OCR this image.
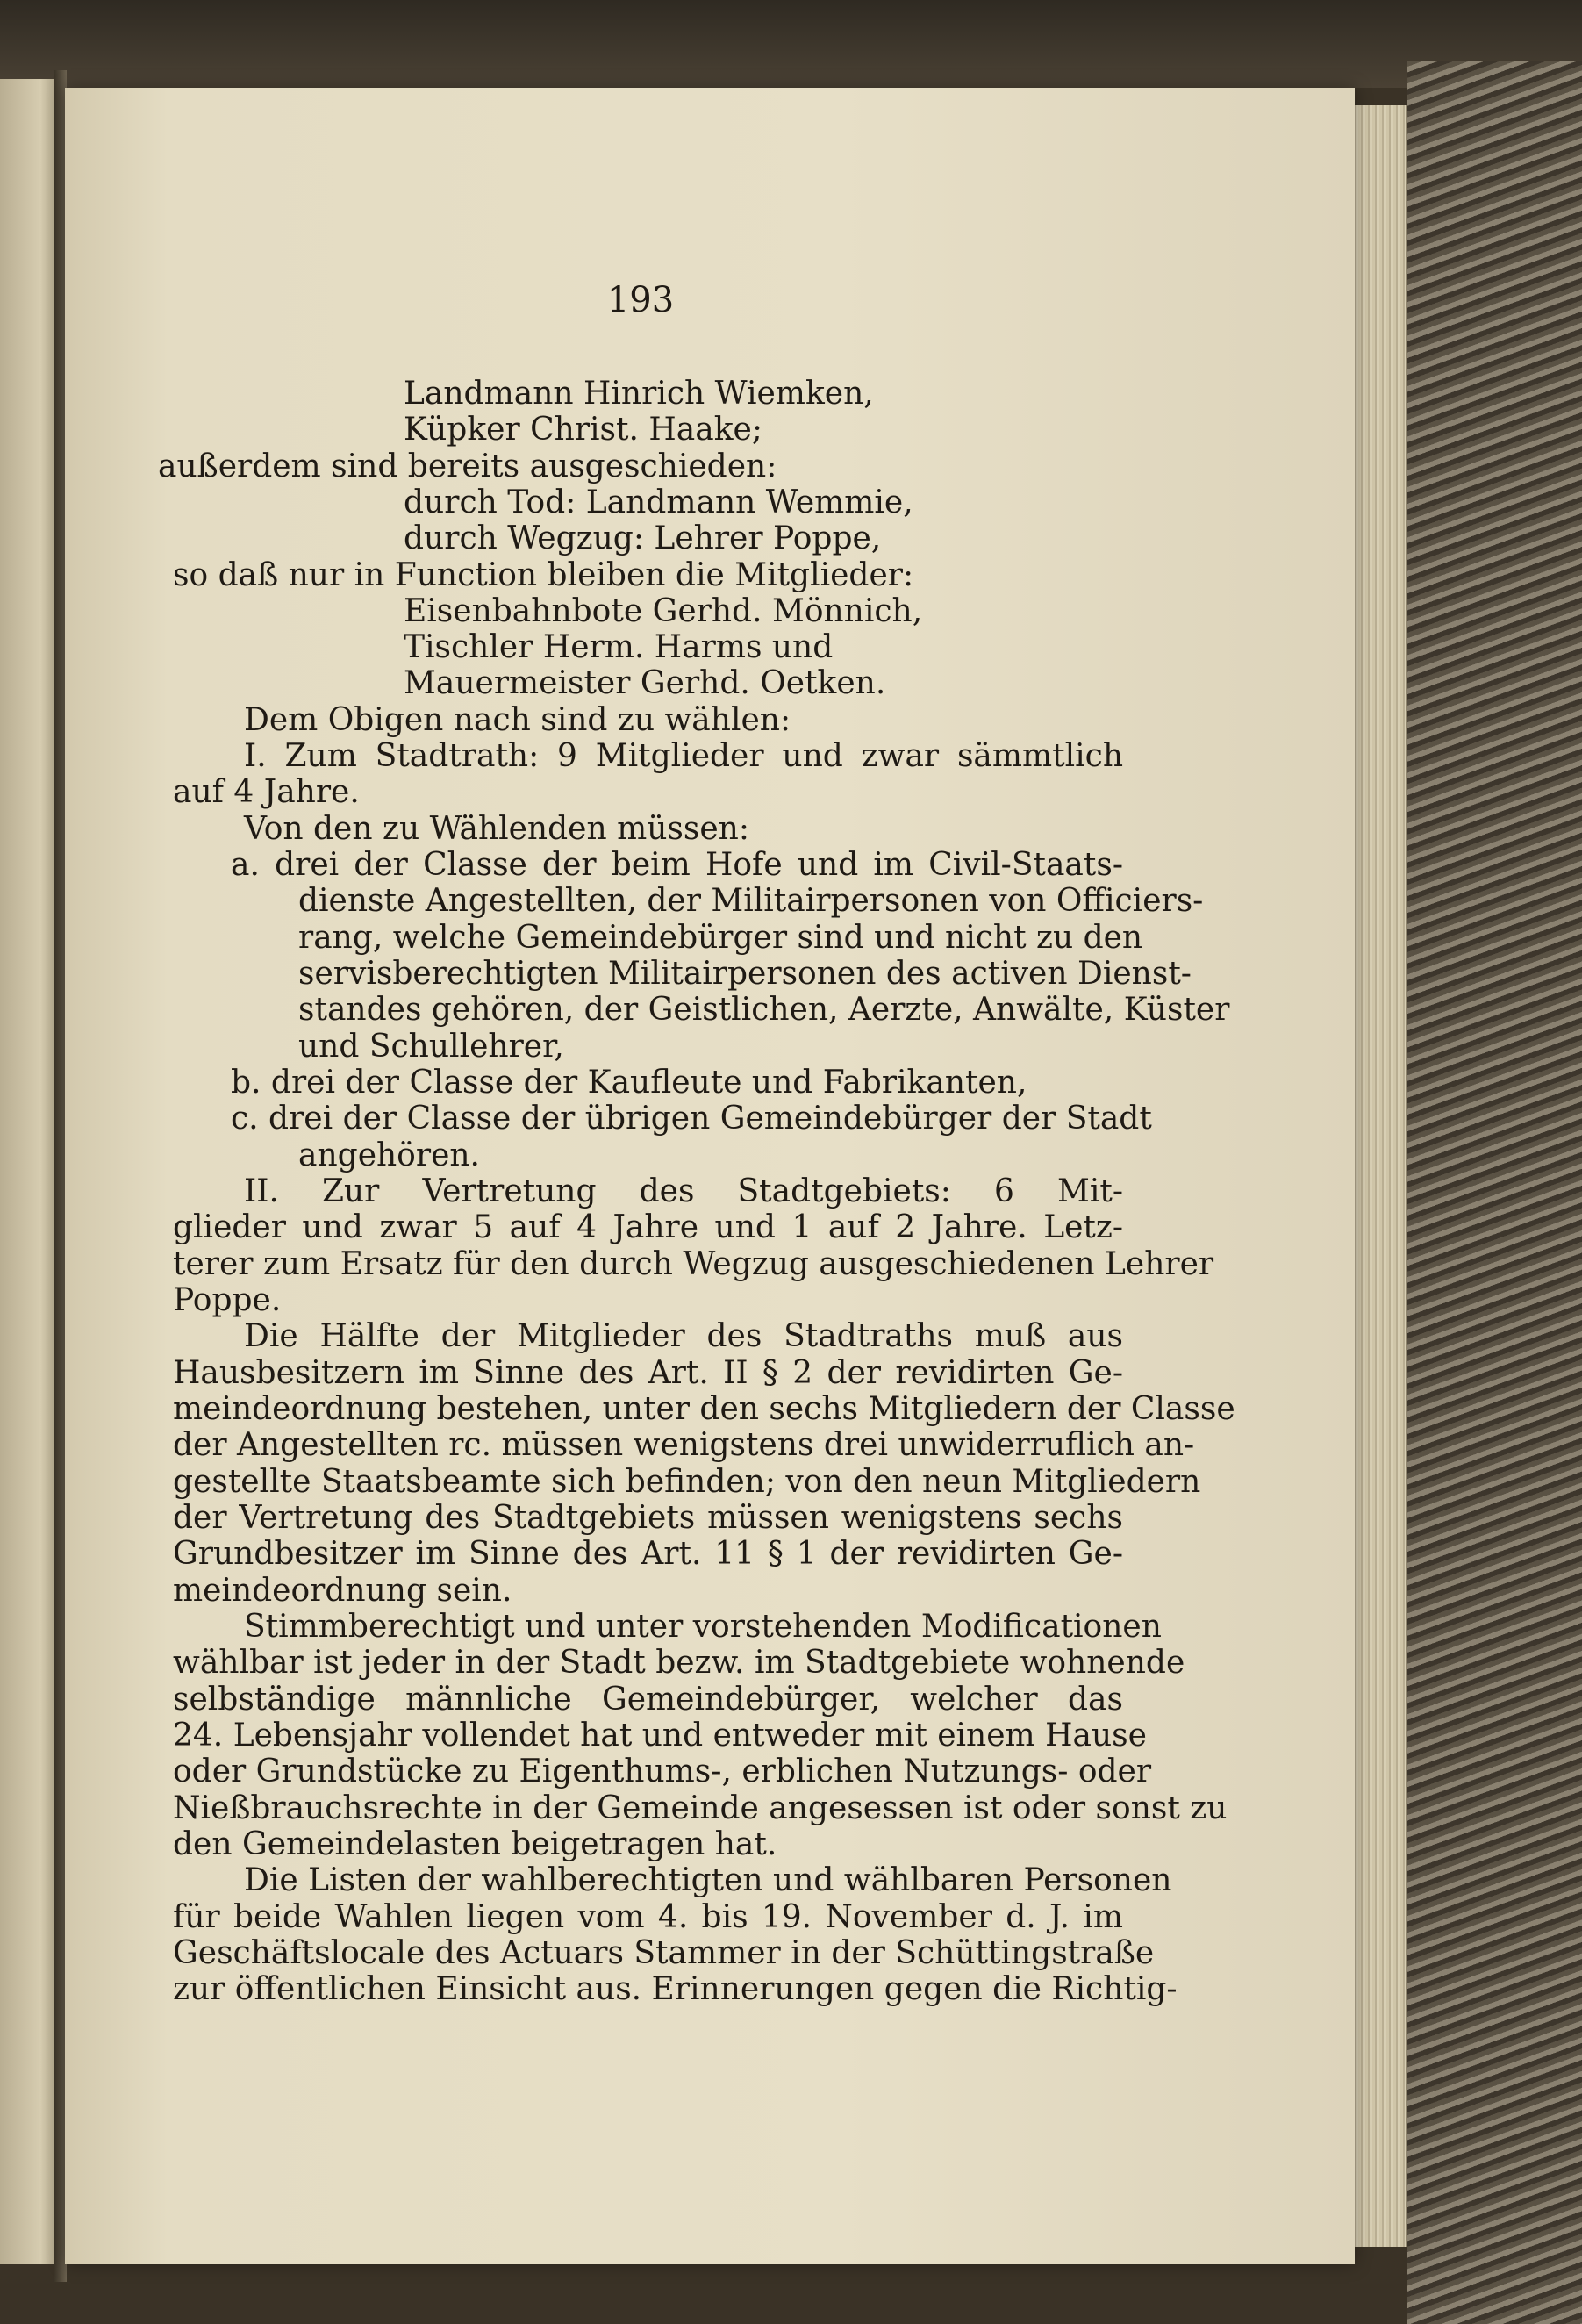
193
Landmann Hinrich Wiemken,
Küpker Christ. Haake;
außerdem sind bereits ausgeschieden:
durch Tod: Landmann Wemmie,
durch Wegzug: Lehrer Poppe,
so daß nur in Function bleiben die Mitglieder:
Eisenbahnbote Gerhd. Mönnich,
Tischler Herm. Harms und
Mauermeister Gerhd. Oetken.
Dem Obigen nach sind zu wählen:
I. Zum Stadtrath: 9 Mitglieder und zwar sämmtlich
auf 4 Jahre.
Von den zu Wählenden müssen:
a. drei der Classe der beim Hofe und im Civil-Staats-
dienste Angestellten, der Militairpersonen von Officiers-
rang, welche Gemeindebürger sind und nicht zu den
servisberechtigten Militairpersonen des activen Dienst-
standes gehören, der Geistlichen, Aerzte, Anwälte, Küster
und Schullehrer,
b. drei der Classe der Kaufleute und Fabrikanten,
c. drei der Classe der übrigen Gemeindebürger der Stadt
angehören.
II. Zur Vertretung des Stadtgebiets: 6 Mit-
glieder und zwar 5 auf 4 Jahre und 1 auf 2 Jahre. Letz-
terer zum Ersatz für den durch Wegzug ausgeschiedenen Lehrer
Poppe.
Die Hälfte der Mitglieder des Stadtraths muß aus
Hausbesitzern im Sinne des Art. II § 2 der revidirten Ge-
meindeordnung bestehen, unter den sechs Mitgliedern der Classe
der Angestellten rc. müssen wenigstens drei unwiderruflich an-
gestellte Staatsbeamte sich befinden; von den neun Mitgliedern
der Vertretung des Stadtgebiets müssen wenigstens sechs
Grundbesitzer im Sinne des Art. 11 § 1 der revidirten Ge-
meindeordnung sein.
Stimmberechtigt und unter vorstehenden Modificationen
wählbar ist jeder in der Stadt bezw. im Stadtgebiete wohnende
selbständige männliche Gemeindebürger, welcher das
24. Lebensjahr vollendet hat und entweder mit einem Hause
oder Grundstücke zu Eigenthums-, erblichen Nutzungs- oder
Nießbrauchsrechte in der Gemeinde angesessen ist oder sonst zu
den Gemeindelasten beigetragen hat.
Die Listen der wahlberechtigten und wählbaren Personen
für beide Wahlen liegen vom 4. bis 19. November d. J. im
Geschäftslocale des Actuars Stammer in der Schüttingstraße
zur öffentlichen Einsicht aus. Erinnerungen gegen die Richtig-
